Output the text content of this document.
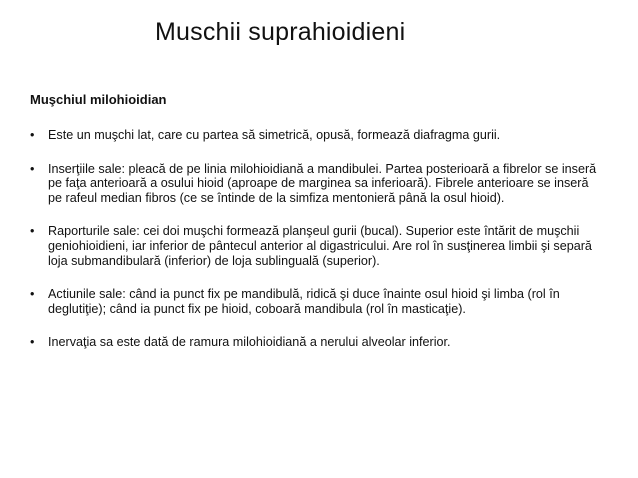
Muschii suprahioidieni
Muşchiul milohioidian
• Este un muşchi lat, care cu partea să simetrică, opusă, formează diafragma gurii.
• Inserţiile sale: pleacă de pe linia milohioidiană a mandibulei. Partea posterioară a fibrelor se inseră pe faţa anterioară a osului hioid (aproape de marginea sa inferioară). Fibrele anterioare se inseră pe rafeul median fibros (ce se întinde de la simfiza mentonieră până la osul hioid).
• Raporturile sale: cei doi muşchi formează planşeul gurii (bucal). Superior este întărit de muşchii geniohioidieni, iar inferior de pântecul anterior al digastricului. Are rol în susţinerea limbii şi separă loja submandibulară (inferior) de loja sublinguală (superior).
• Actiunile sale: când ia punct fix pe mandibulă, ridică şi duce înainte osul hioid şi limba (rol în deglutiţie); când ia punct fix pe hioid, coboară mandibula (rol în masticaţie).
• Inervaţia sa este dată de ramura milohioidiană a nerului alveolar inferior.
